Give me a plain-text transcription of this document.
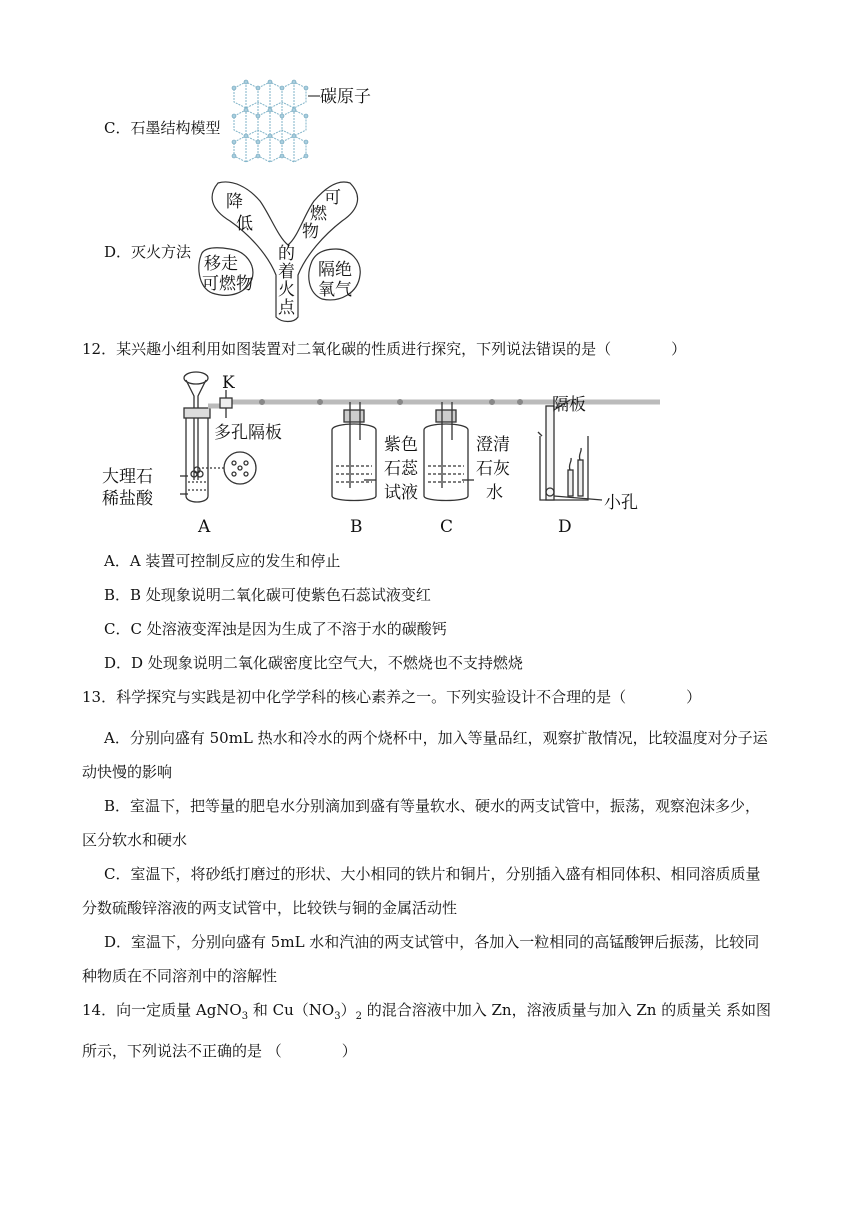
C．石墨结构模型
碳原子
D．灭火方法
降
低
可
燃
物
的
着
火
点
移走
可燃物
隔绝
氧气
12．某兴趣小组利用如图装置对二氧化碳的性质进行探究，下列说法错误的是（　　　　）
K
多孔隔板
大理石
稀盐酸
紫色
石蕊
试液
澄清
石灰
水
隔板
小孔
A	B	C	D
A．A 装置可控制反应的发生和停止
B．B 处现象说明二氧化碳可使紫色石蕊试液变红
C．C 处溶液变浑浊是因为生成了不溶于水的碳酸钙
D．D 处现象说明二氧化碳密度比空气大，不燃烧也不支持燃烧
13．科学探究与实践是初中化学学科的核心素养之一。下列实验设计不合理的是（　　　　）
A．分别向盛有 50mL 热水和冷水的两个烧杯中，加入等量品红，观察扩散情况，比较温度对分子运动快慢的影响
B．室温下，把等量的肥皂水分别滴加到盛有等量软水、硬水的两支试管中，振荡，观察泡沫多少，区分软水和硬水
C．室温下，将砂纸打磨过的形状、大小相同的铁片和铜片，分别插入盛有相同体积、相同溶质质量分数硫酸锌溶液的两支试管中，比较铁与铜的金属活动性
D．室温下，分别向盛有 5mL 水和汽油的两支试管中，各加入一粒相同的高锰酸钾后振荡，比较同种物质在不同溶剂中的溶解性
14．向一定质量 AgNO$_3$ 和 $Cu(NO_3)_2$ 的混合溶液中加入 Zn，溶液质量与加入 Zn 的质量关 系如图所示，下列说法不正确的是 （　　　　）
